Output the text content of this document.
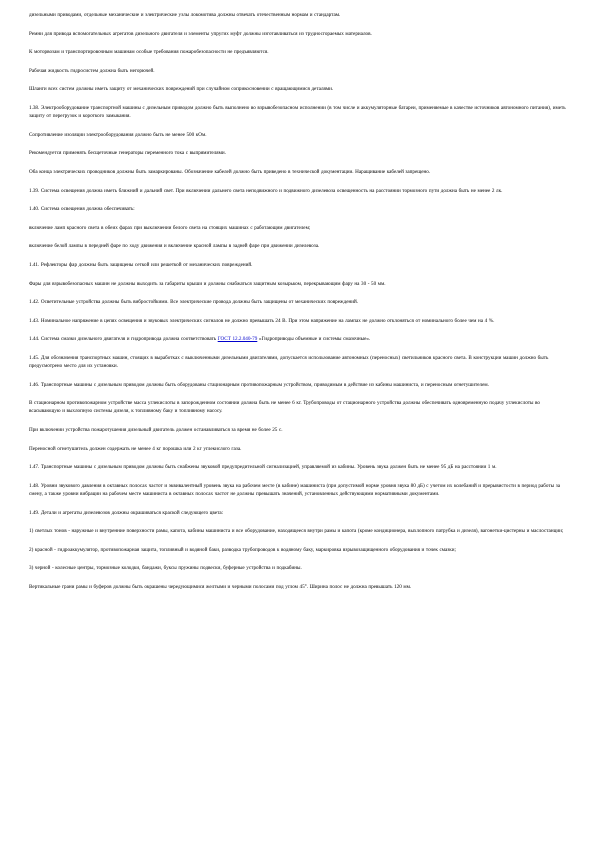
дизельными приводами, отдельные механические и электрические узлы локомотива должны отвечать отечественным нормам и стандартам.

Ремни для привода вспомогательных агрегатов дизельного двигателя и элементы упругих муфт должны изготавливаться из трудносгораемых материалов.

К моторвозам и транспортировочным машинам особые требования пожаробезопасности не предъявляются.

Рабочая жидкость гидросистем должна быть негорючей.

Шланги всех систем должны иметь защиту от механических повреждений при случайном соприкосновении с вращающимися деталями.

1.38. Электрооборудование транспортной машины с дизельным приводом должно быть выполнено во взрывобезопасном исполнении (в том числе и аккумуляторные батареи, применяемые в качестве источников автономного питания), иметь защиту от перегрузок и короткого замыкания.

Сопротивление изоляции электрооборудования должно быть не менее 500 кОм.

Рекомендуется применять бесщеточные генераторы переменного тока с выпрямителями.

Оба конца электрических проводников должны быть замаркированы. Обозначение кабелей должно быть приведено в технической документации. Наращивание кабелей запрещено.

1.39. Система освещения должна иметь ближний и дальний свет. При включении дальнего света неподвижного и подвижного дизелевоза освещенность на расстоянии тормозного пути должна быть не менее 2 лк.

1.40. Система освещения должна обеспечивать:

включение ламп красного света в обеих фарах при выключении белого света на стоящих машинах с работающим двигателем;

включение белой лампы в передней фаре по ходу движения и включение красной лампы в задней фаре при движении дизелевоза.

1.41. Рефлекторы фар должны быть защищены сеткой или решеткой от механических повреждений.

Фары для взрывобезопасных машин не должны выходить за габариты крыши и должны снабжаться защитным козырьком, перекрывающим фару на 30 - 50 мм.

1.42. Осветительные устройства должны быть вибростойкими. Все электрические провода должны быть защищены от механических повреждений.

1.43. Номинальное напряжение в цепях освещения и звуковых электрических сигналов не должно превышать 24 В. При этом напряжение на лампах не должно отклоняться от номинального более чем на 4 %.

1.44. Система смазки дизельного двигателя и гидропривода должна соответствовать ГОСТ 12.2.040-79 «Гидроприводы объемные и системы смазочные».

1.45. Для обозначения транспортных машин, стоящих в выработках с выключенными дизельными двигателями, допускается использование автономных (переносных) светильников красного света. В конструкции машин должно быть предусмотрено место для их установки.

1.46. Транспортные машины с дизельным приводом должны быть оборудованы стационарным противопожарным устройством, приводимым в действие из кабины машиниста, и переносным огнетушителем.

В стационарном противопожарном устройстве масса углекислоты в запорожденном состоянии должна быть не менее 6 кг. Трубопроводы от стационарного устройства должны обеспечивать одновременную подачу углекислоты во всасывающую и выхлопную системы дизеля, к топливному баку и топливному насосу.

При включении устройства пожаротушения дизельный двигатель должен останавливаться за время не более 25 с.

Переносной огнетушитель должен содержать не менее 4 кг порошка или 2 кг углекислого газа.

1.47. Транспортные машины с дизельным приводом должны быть снабжены звуковой предупредительной сигнализацией, управляемой из кабины. Уровень звука должен быть не менее 95 дБ на расстоянии 1 м.

1.48. Уровни звукового давления в октавных полосах частот и эквивалентный уровень звука на рабочем месте (в кабине) машиниста (при допустимой норме уровня звука 80 дБ) с учетом их колебаний и прерывистости в период работы за смену, а также уровни вибрации на рабочем месте машиниста в октавных полосах частот не должны превышать значений, установленных действующими нормативными документами.

1.49. Детали и агрегаты дизелевозов должны окрашиваться краской следующего цвета:

1) светлых тонов - наружные и внутренние поверхности рамы, капота, кабины машиниста и все оборудование, находящееся внутри рамы и капота (кроме кондиционера, выхлопного патрубка и дизеля), вагонетки-цистерны и маслостанции;

2) красной - гидроаккумулятор, противопожарная защита, топливный и водяной баки, разводка трубопроводов к водяному баку, маркировка взрывозащищенного оборудования и точек смазки;

3) черной - колесные центры, тормозные колодки, бандажи, буксы пружины подвески, буферные устройства и подкабины.

Вертикальные грани рамы и буферов должны быть окрашены чередующимися желтыми и черными полосами под углом 45°. Ширина полос не должна превышать 120 мм.
